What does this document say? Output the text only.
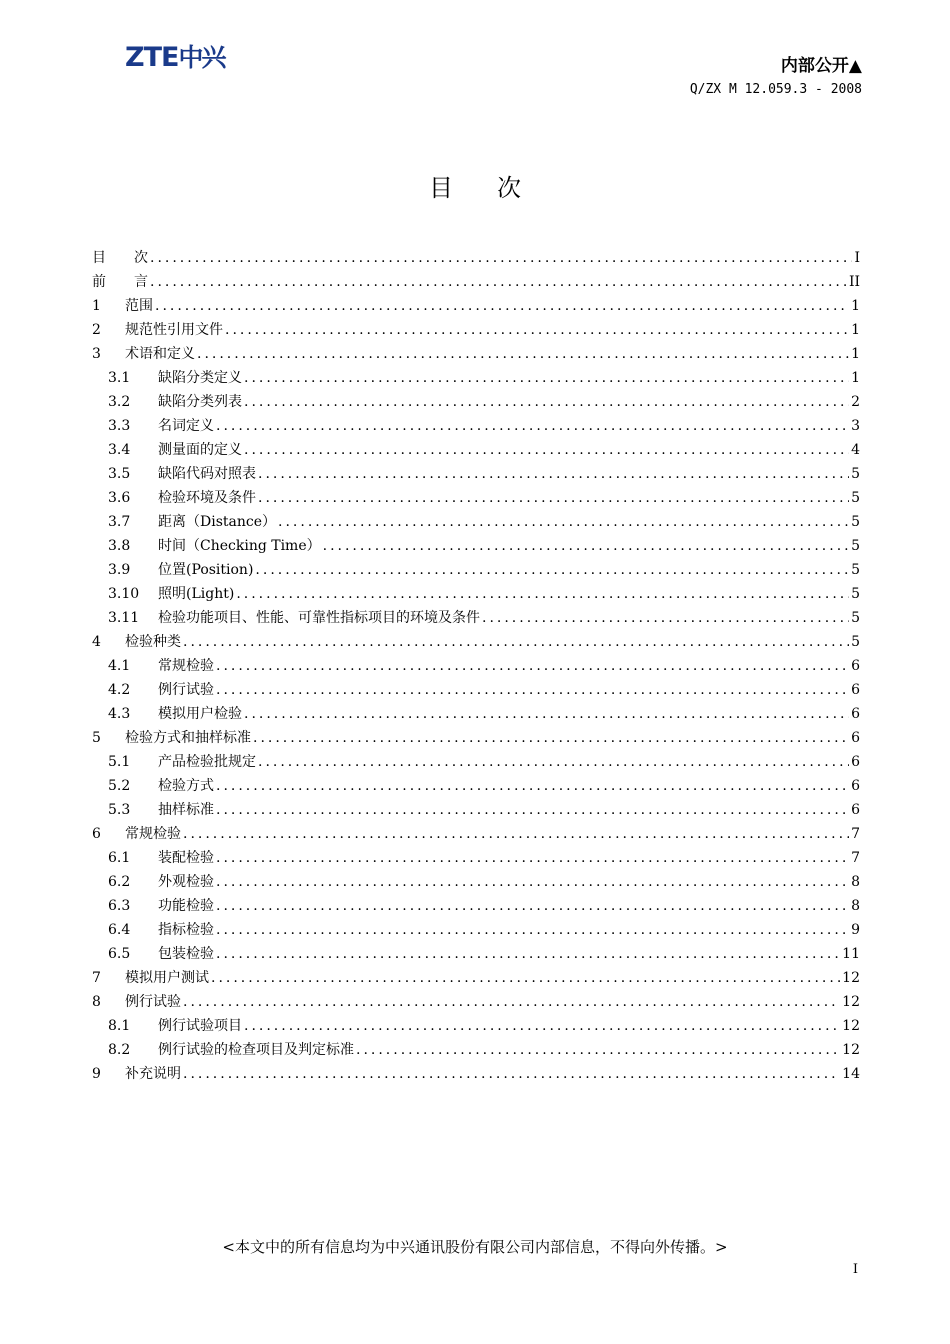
ZTE中兴	内部公开▲
Q/ZX M 12.059.3 - 2008
目次
目次 .....	I
前言 .....	II
1	范围 .....	1
2	规范性引用文件 .....	1
3	术语和定义 .....	1
3.1	缺陷分类定义 .....	1
3.2	缺陷分类列表 .....	2
3.3	名词定义 .....	3
3.4	测量面的定义 .....	4
3.5	缺陷代码对照表 .....	5
3.6	检验环境及条件 .....	5
3.7	距离（Distance） .....	5
3.8	时间（Checking Time） .....	5
3.9	位置(Position) .....	5
3.10	照明(Light) .....	5
3.11	检验功能项目、性能、可靠性指标项目的环境及条件 .....	5
4	检验种类 .....	5
4.1	常规检验 .....	6
4.2	例行试验 .....	6
4.3	模拟用户检验 .....	6
5	检验方式和抽样标准 .....	6
5.1	产品检验批规定 .....	6
5.2	检验方式 .....	6
5.3	抽样标准 .....	6
6	常规检验 .....	7
6.1	装配检验 .....	7
6.2	外观检验 .....	8
6.3	功能检验 .....	8
6.4	指标检验 .....	9
6.5	包装检验 .....	11
7	模拟用户测试 .....	12
8	例行试验 .....	12
8.1	例行试验项目 .....	12
8.2	例行试验的检查项目及判定标准 .....	12
9	补充说明 .....	14
<本文中的所有信息均为中兴通讯股份有限公司内部信息，不得向外传播。>
I
